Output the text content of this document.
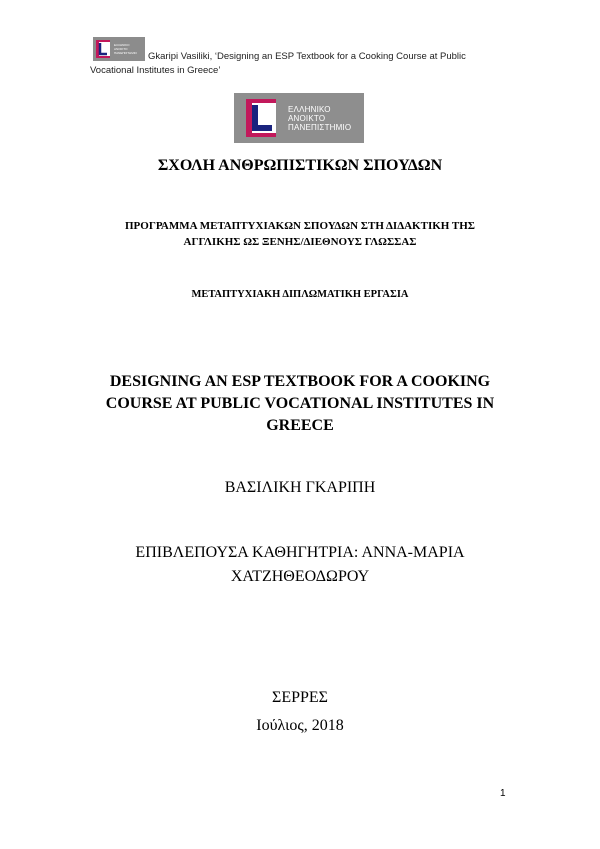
ΕΛΛΗΝΙΚΟ
ΑΝΟΙΚΤΟ
ΠΑΝΕΠΙΣΤΗΜΙΟ	Gkaripi Vasiliki, ‘Designing an ESP Textbook for a Cooking Course at Public Vocational Institutes in Greece’
ΕΛΛΗΝΙΚΟ
ΑΝΟΙΚΤΟ
ΠΑΝΕΠΙΣΤΗΜΙΟ
ΣΧΟΛΗ ΑΝΘΡΩΠΙΣΤΙΚΩΝ ΣΠΟΥΔΩΝ
ΠΡΟΓΡΑΜΜΑ ΜΕΤΑΠΤΥΧΙΑΚΩΝ ΣΠΟΥΔΩΝ ΣΤΗ ΔΙΔΑΚΤΙΚΗ ΤΗΣ ΑΓΓΛΙΚΗΣ ΩΣ ΞΕΝΗΣ/ΔΙΕΘΝΟΥΣ ΓΛΩΣΣΑΣ
ΜΕΤΑΠΤΥΧΙΑΚΗ ΔΙΠΛΩΜΑΤΙΚΗ ΕΡΓΑΣΙΑ
DESIGNING AN ESP TEXTBOOK FOR A COOKING COURSE AT PUBLIC VOCATIONAL INSTITUTES IN GREECE
ΒΑΣΙΛΙΚΗ ΓΚΑΡΙΠΗ
ΕΠΙΒΛΕΠΟΥΣΑ ΚΑΘΗΓΗΤΡΙΑ: ΑΝΝΑ-ΜΑΡΙΑ ΧΑΤΖΗΘΕΟΔΩΡΟΥ
ΣΕΡΡΕΣ
Ιούλιος, 2018
1
